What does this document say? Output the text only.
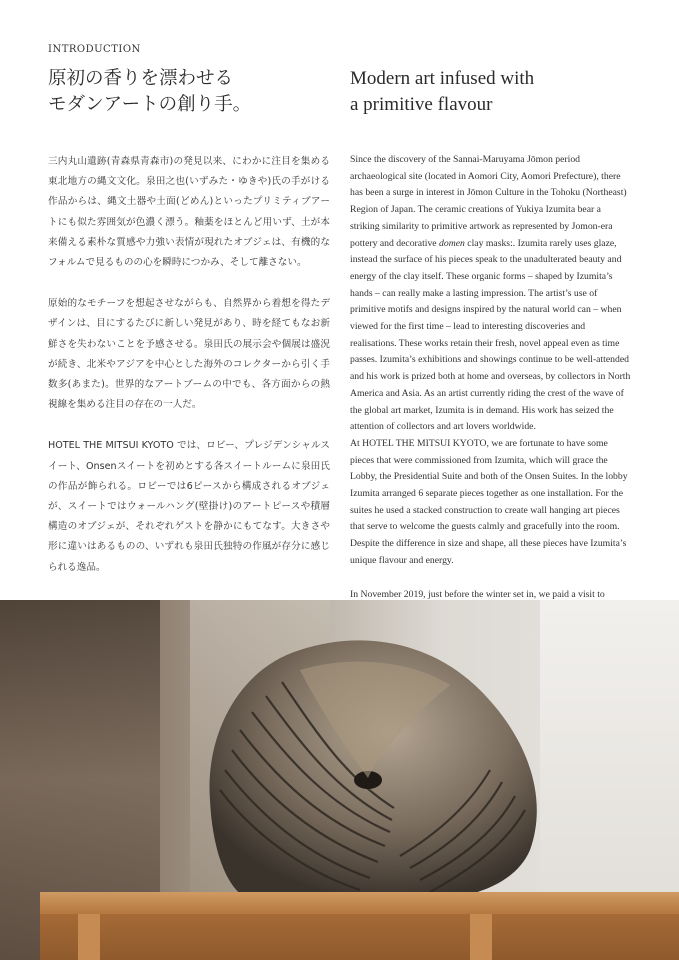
INTRODUCTION
原初の香りを漂わせる
モダンアートの創り手。
Modern art infused with
a primitive flavour

三内丸山遺跡(青森県青森市)の発見以来、にわかに注目を集める東北地方の縄文文化。泉田之也(いずみた・ゆきや)氏の手がける作品からは、縄文土器や土面(どめん)といったプリミティブアートにも似た雰囲気が色濃く漂う。釉薬をほとんど用いず、土が本来備える素朴な質感や力強い表情が現れたオブジェは、有機的なフォルムで見るものの心を瞬時につかみ、そして離さない。

原始的なモチーフを想起させながらも、自然界から着想を得たデザインは、目にするたびに新しい発見があり、時を経てもなお新鮮さを失わないことを予感させる。泉田氏の展示会や個展は盛況が続き、北米やアジアを中心とした海外のコレクターから引く手数多(あまた)。世界的なアートブームの中でも、各方面からの熱視線を集める注目の存在の一人だ。

HOTEL THE MITSUI KYOTO では、ロビー、プレジデンシャルスイート、Onsenスイートを初めとする各スイートルームに泉田氏の作品が飾られる。ロビーでは6ピースから構成されるオブジェが、スイートではウォールハング(壁掛け)のアートピースや積層構造のオブジェが、それぞれゲストを静かにもてなす。大きさや形に違いはあるものの、いずれも泉田氏独特の作風が存分に感じられる逸品。

Since the discovery of the Sannai-Maruyama Jōmon period archaeological site (located in Aomori City, Aomori Prefecture), there has been a surge in interest in Jōmon Culture in the Tohoku (Northeast) Region of Japan. The ceramic creations of Yukiya Izumita bear a striking similarity to primitive artwork as represented by Jomon-era pottery and decorative domen clay masks:. Izumita rarely uses glaze, instead the surface of his pieces speak to the unadulterated beauty and energy of the clay itself. These organic forms – shaped by Izumita’s hands – can really make a lasting impression. The artist’s use of primitive motifs and designs inspired by the natural world can – when viewed for the first time – lead to interesting discoveries and realisations. These works retain their fresh, novel appeal even as time passes. Izumita’s exhibitions and showings continue to be well-attended and his work is prized both at home and overseas, by collectors in North America and Asia. As an artist currently riding the crest of the wave of the global art market, Izumita is in demand. His work has seized the attention of collectors and art lovers worldwide.

At HOTEL THE MITSUI KYOTO, we are fortunate to have some pieces that were commissioned from Izumita, which will grace the Lobby, the Presidential Suite and both of the Onsen Suites. In the lobby Izumita arranged 6 separate pieces together as one installation. For the suites he used a stacked construction to create wall hanging art pieces that serve to welcome the guests calmly and gracefully into the room. Despite the difference in size and shape, all these pieces have Izumita’s unique flavour and energy.

In November 2019, just before the winter set in, we paid a visit to
